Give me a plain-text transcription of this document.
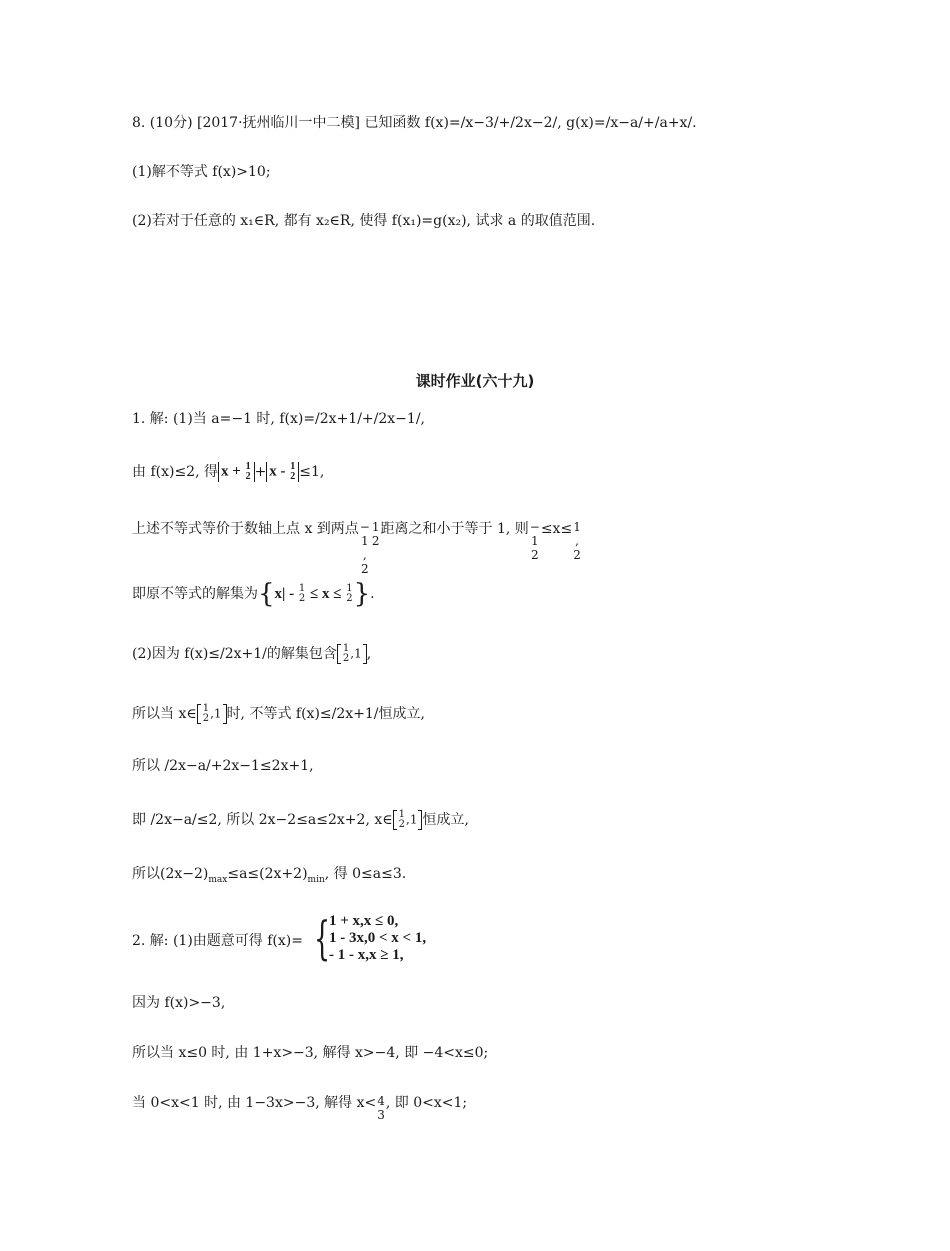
8. (10分) [2017·抚州临川一中二模] 已知函数 f(x)=/x−3/+/2x−2/, g(x)=/x−a/+/a+x/.
(1)解不等式 f(x)>10;
(2)若对于任意的 x₁∈R, 都有 x₂∈R, 使得 f(x₁)=g(x₂), 试求 a 的取值范围.
课时作业(六十九)
1. 解: (1)当 a=−1 时, f(x)=/2x+1/+/2x−1/,
由 f(x)≤2, 得 x + 1
2 + x - 1
2 ≤1,
上述不等式等价于数轴上点 x 到两点 −
1
,
2
1
2
距离之和小于等于 1, 则 −
1
2
≤x≤ 1
,
2
即原不等式的解集为{x| - 1
2 ≤ x ≤ 1
2 }.
(2)因为 f(x)≤/2x+1/的解集包含 1
2 ,1 ,
所以当 x∈ 1
2 ,1 时, 不等式 f(x)≤/2x+1/恒成立,
所以 /2x−a/+2x−1≤2x+1,
即 /2x−a/≤2, 所以 2x−2≤a≤2x+2, x∈ 1
2 ,1 恒成立,
所以$(2x-2)_{max}\le a\le(2x+2)_{min}$, 得 0≤a≤3.
2. 解: (1)由题意可得 f(x)= {
1 + x,x ≤ 0,
1 - 3x,0 < x < 1,
- 1 - x,x ≥ 1,
因为 f(x)>−3,
所以当 x≤0 时, 由 1+x>−3, 解得 x>−4, 即 −4<x≤0;
当 0<x<1 时, 由 1−3x>−3, 解得 x< 4
3
, 即 0<x<1;
